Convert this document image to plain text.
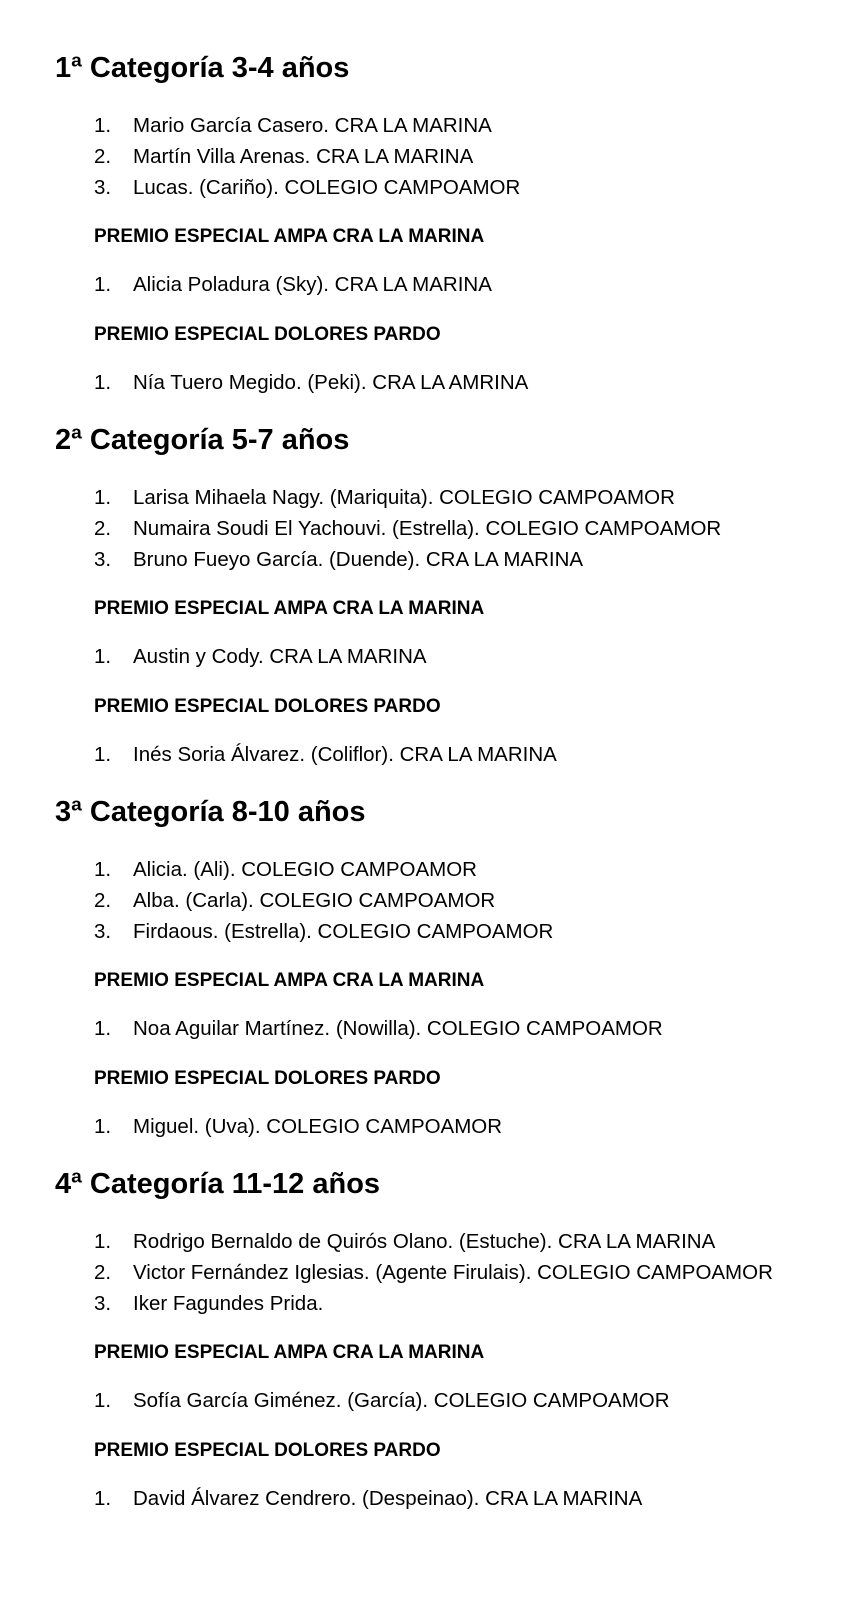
1ª Categoría 3-4 años
1. Mario García Casero. CRA LA MARINA
2. Martín Villa Arenas. CRA LA MARINA
3. Lucas. (Cariño). COLEGIO CAMPOAMOR
PREMIO ESPECIAL AMPA CRA LA MARINA
1. Alicia Poladura (Sky). CRA LA MARINA
PREMIO ESPECIAL DOLORES PARDO
1. Nía Tuero Megido. (Peki). CRA LA AMRINA
2ª Categoría 5-7 años
1. Larisa Mihaela Nagy. (Mariquita). COLEGIO CAMPOAMOR
2. Numaira Soudi El Yachouvi. (Estrella). COLEGIO CAMPOAMOR
3. Bruno Fueyo García. (Duende). CRA LA MARINA
PREMIO ESPECIAL AMPA CRA LA MARINA
1. Austin y Cody. CRA LA MARINA
PREMIO ESPECIAL DOLORES PARDO
1. Inés Soria Álvarez. (Coliflor). CRA LA MARINA
3ª Categoría 8-10 años
1. Alicia. (Ali). COLEGIO CAMPOAMOR
2. Alba. (Carla). COLEGIO CAMPOAMOR
3. Firdaous. (Estrella). COLEGIO CAMPOAMOR
PREMIO ESPECIAL AMPA CRA LA MARINA
1. Noa Aguilar Martínez. (Nowilla). COLEGIO CAMPOAMOR
PREMIO ESPECIAL DOLORES PARDO
1. Miguel. (Uva). COLEGIO CAMPOAMOR
4ª Categoría 11-12 años
1. Rodrigo Bernaldo de Quirós Olano. (Estuche). CRA LA MARINA
2. Victor Fernández Iglesias. (Agente Firulais). COLEGIO CAMPOAMOR
3. Iker Fagundes Prida.
PREMIO ESPECIAL AMPA CRA LA MARINA
1. Sofía García Giménez. (García). COLEGIO CAMPOAMOR
PREMIO ESPECIAL DOLORES PARDO
1. David Álvarez Cendrero. (Despeinao). CRA LA MARINA
